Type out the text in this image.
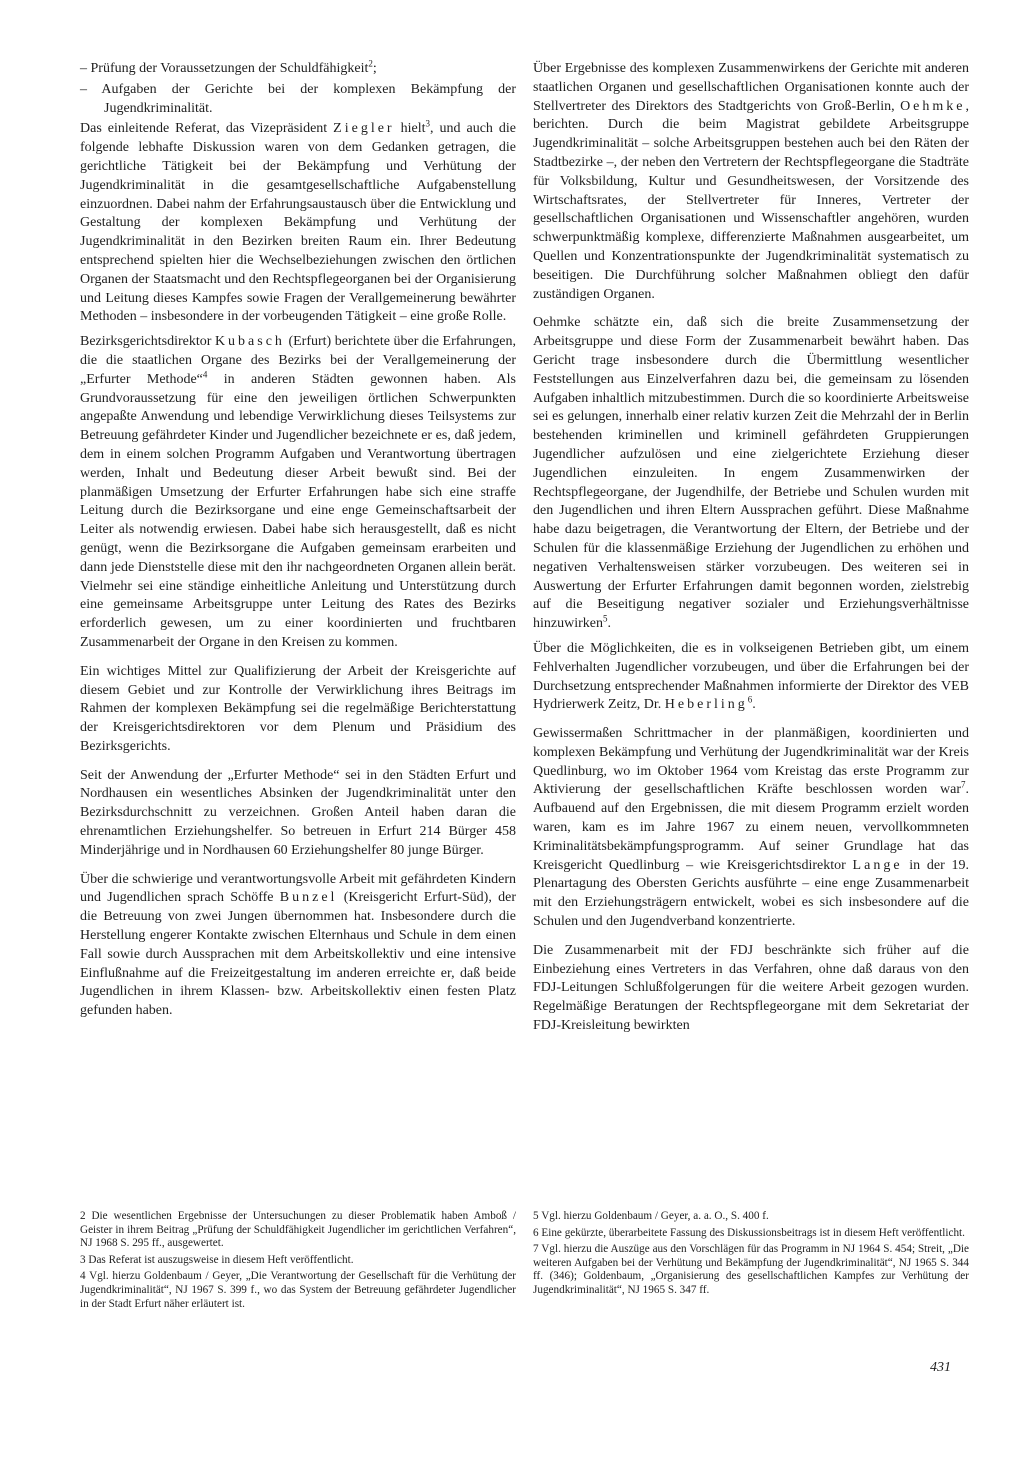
– Prüfung der Voraussetzungen der Schuldfähigkeit$^2$;

– Aufgaben der Gerichte bei der komplexen Bekämpfung der Jugendkriminalität.

Das einleitende Referat, das Vizepräsident Ziegler hielt$^3$, und auch die folgende lebhafte Diskussion waren von dem Gedanken getragen, die gerichtliche Tätigkeit bei der Bekämpfung und Verhütung der Jugendkriminalität in die gesamtgesellschaftliche Aufgabenstellung einzuordnen. Dabei nahm der Erfahrungsaustausch über die Entwicklung und Gestaltung der komplexen Bekämpfung und Verhütung der Jugendkriminalität in den Bezirken breiten Raum ein. Ihrer Bedeutung entsprechend spielten hier die Wechselbeziehungen zwischen den örtlichen Organen der Staatsmacht und den Rechtspflegeorganen bei der Organisierung und Leitung dieses Kampfes sowie Fragen der Verallgemeinerung bewährter Methoden – insbesondere in der vorbeugenden Tätigkeit – eine große Rolle.

Bezirksgerichtsdirektor Kubasch (Erfurt) berichtete über die Erfahrungen, die die staatlichen Organe des Bezirks bei der Verallgemeinerung der „Erfurter Methode“$^4$ in anderen Städten gewonnen haben. Als Grundvoraussetzung für eine den jeweiligen örtlichen Schwerpunkten angepaßte Anwendung und lebendige Verwirklichung dieses Teilsystems zur Betreuung gefährdeter Kinder und Jugendlicher bezeichnete er es, daß jedem, dem in einem solchen Programm Aufgaben und Verantwortung übertragen werden, Inhalt und Bedeutung dieser Arbeit bewußt sind. Bei der planmäßigen Umsetzung der Erfurter Erfahrungen habe sich eine straffe Leitung durch die Bezirksorgane und eine enge Gemeinschaftsarbeit der Leiter als notwendig erwiesen. Dabei habe sich herausgestellt, daß es nicht genügt, wenn die Bezirksorgane die Aufgaben gemeinsam erarbeiten und dann jede Dienststelle diese mit den ihr nachgeordneten Organen allein berät. Vielmehr sei eine ständige einheitliche Anleitung und Unterstützung durch eine gemeinsame Arbeitsgruppe unter Leitung des Rates des Bezirks erforderlich gewesen, um zu einer koordinierten und fruchtbaren Zusammenarbeit der Organe in den Kreisen zu kommen.

Ein wichtiges Mittel zur Qualifizierung der Arbeit der Kreisgerichte auf diesem Gebiet und zur Kontrolle der Verwirklichung ihres Beitrags im Rahmen der komplexen Bekämpfung sei die regelmäßige Berichterstattung der Kreisgerichtsdirektoren vor dem Plenum und Präsidium des Bezirksgerichts.

Seit der Anwendung der „Erfurter Methode“ sei in den Städten Erfurt und Nordhausen ein wesentliches Absinken der Jugendkriminalität unter den Bezirksdurchschnitt zu verzeichnen. Großen Anteil haben daran die ehrenamtlichen Erziehungshelfer. So betreuen in Erfurt 214 Bürger 458 Minderjährige und in Nordhausen 60 Erziehungshelfer 80 junge Bürger.

Über die schwierige und verantwortungsvolle Arbeit mit gefährdeten Kindern und Jugendlichen sprach Schöffe Bunzel (Kreisgericht Erfurt-Süd), der die Betreuung von zwei Jungen übernommen hat. Insbesondere durch die Herstellung engerer Kontakte zwischen Elternhaus und Schule in dem einen Fall sowie durch Aussprachen mit dem Arbeitskollektiv und eine intensive Einflußnahme auf die Freizeitgestaltung im anderen erreichte er, daß beide Jugendlichen in ihrem Klassen- bzw. Arbeitskollektiv einen festen Platz gefunden haben.

Über Ergebnisse des komplexen Zusammenwirkens der Gerichte mit anderen staatlichen Organen und gesellschaftlichen Organisationen konnte auch der Stellvertreter des Direktors des Stadtgerichts von Groß-Berlin, Oehmke, berichten. Durch die beim Magistrat gebildete Arbeitsgruppe Jugendkriminalität – solche Arbeitsgruppen bestehen auch bei den Räten der Stadtbezirke –, der neben den Vertretern der Rechtspflegeorgane die Stadträte für Volksbildung, Kultur und Gesundheitswesen, der Vorsitzende des Wirtschaftsrates, der Stellvertreter für Inneres, Vertreter der gesellschaftlichen Organisationen und Wissenschaftler angehören, wurden schwerpunktmäßig komplexe, differenzierte Maßnahmen ausgearbeitet, um Quellen und Konzentrationspunkte der Jugendkriminalität systematisch zu beseitigen. Die Durchführung solcher Maßnahmen obliegt den dafür zuständigen Organen.

Oehmke schätzte ein, daß sich die breite Zusammensetzung der Arbeitsgruppe und diese Form der Zusammenarbeit bewährt haben. Das Gericht trage insbesondere durch die Übermittlung wesentlicher Feststellungen aus Einzelverfahren dazu bei, die gemeinsam zu lösenden Aufgaben inhaltlich mitzubestimmen. Durch die so koordinierte Arbeitsweise sei es gelungen, innerhalb einer relativ kurzen Zeit die Mehrzahl der in Berlin bestehenden kriminellen und kriminell gefährdeten Gruppierungen Jugendlicher aufzulösen und eine zielgerichtete Erziehung dieser Jugendlichen einzuleiten. In engem Zusammenwirken der Rechtspflegeorgane, der Jugendhilfe, der Betriebe und Schulen wurden mit den Jugendlichen und ihren Eltern Aussprachen geführt. Diese Maßnahme habe dazu beigetragen, die Verantwortung der Eltern, der Betriebe und der Schulen für die klassenmäßige Erziehung der Jugendlichen zu erhöhen und negativen Verhaltensweisen stärker vorzubeugen. Des weiteren sei in Auswertung der Erfurter Erfahrungen damit begonnen worden, zielstrebig auf die Beseitigung negativer sozialer und Erziehungsverhältnisse hinzuwirken$^5$.

Über die Möglichkeiten, die es in volkseigenen Betrieben gibt, um einem Fehlverhalten Jugendlicher vorzubeugen, und über die Erfahrungen bei der Durchsetzung entsprechender Maßnahmen informierte der Direktor des VEB Hydrierwerk Zeitz, Dr. Heberling$^6$.

Gewissermaßen Schrittmacher in der planmäßigen, koordinierten und komplexen Bekämpfung und Verhütung der Jugendkriminalität war der Kreis Quedlinburg, wo im Oktober 1964 vom Kreistag das erste Programm zur Aktivierung der gesellschaftlichen Kräfte beschlossen worden war$^7$. Aufbauend auf den Ergebnissen, die mit diesem Programm erzielt worden waren, kam es im Jahre 1967 zu einem neuen, vervollkommneten Kriminalitätsbekämpfungsprogramm. Auf seiner Grundlage hat das Kreisgericht Quedlinburg – wie Kreisgerichtsdirektor Lange in der 19. Plenartagung des Obersten Gerichts ausführte – eine enge Zusammenarbeit mit den Erziehungsträgern entwickelt, wobei es sich insbesondere auf die Schulen und den Jugendverband konzentrierte.

Die Zusammenarbeit mit der FDJ beschränkte sich früher auf die Einbeziehung eines Vertreters in das Verfahren, ohne daß daraus von den FDJ-Leitungen Schlußfolgerungen für die weitere Arbeit gezogen wurden. Regelmäßige Beratungen der Rechtspflegeorgane mit dem Sekretariat der FDJ-Kreisleitung bewirkten

2 Die wesentlichen Ergebnisse der Untersuchungen zu dieser Problematik haben Amboß / Geister in ihrem Beitrag „Prüfung der Schuldfähigkeit Jugendlicher im gerichtlichen Verfahren“, NJ 1968 S. 295 ff., ausgewertet.

3 Das Referat ist auszugsweise in diesem Heft veröffentlicht.

4 Vgl. hierzu Goldenbaum / Geyer, „Die Verantwortung der Gesellschaft für die Verhütung der Jugendkriminalität“, NJ 1967 S. 399 f., wo das System der Betreuung gefährdeter Jugendlicher in der Stadt Erfurt näher erläutert ist.

5 Vgl. hierzu Goldenbaum / Geyer, a. a. O., S. 400 f.

6 Eine gekürzte, überarbeitete Fassung des Diskussionsbeitrags ist in diesem Heft veröffentlicht.

7 Vgl. hierzu die Auszüge aus den Vorschlägen für das Programm in NJ 1964 S. 454; Streit, „Die weiteren Aufgaben bei der Verhütung und Bekämpfung der Jugendkriminalität“, NJ 1965 S. 344 ff. (346); Goldenbaum, „Organisierung des gesellschaftlichen Kampfes zur Verhütung der Jugendkriminalität“, NJ 1965 S. 347 ff.

431
